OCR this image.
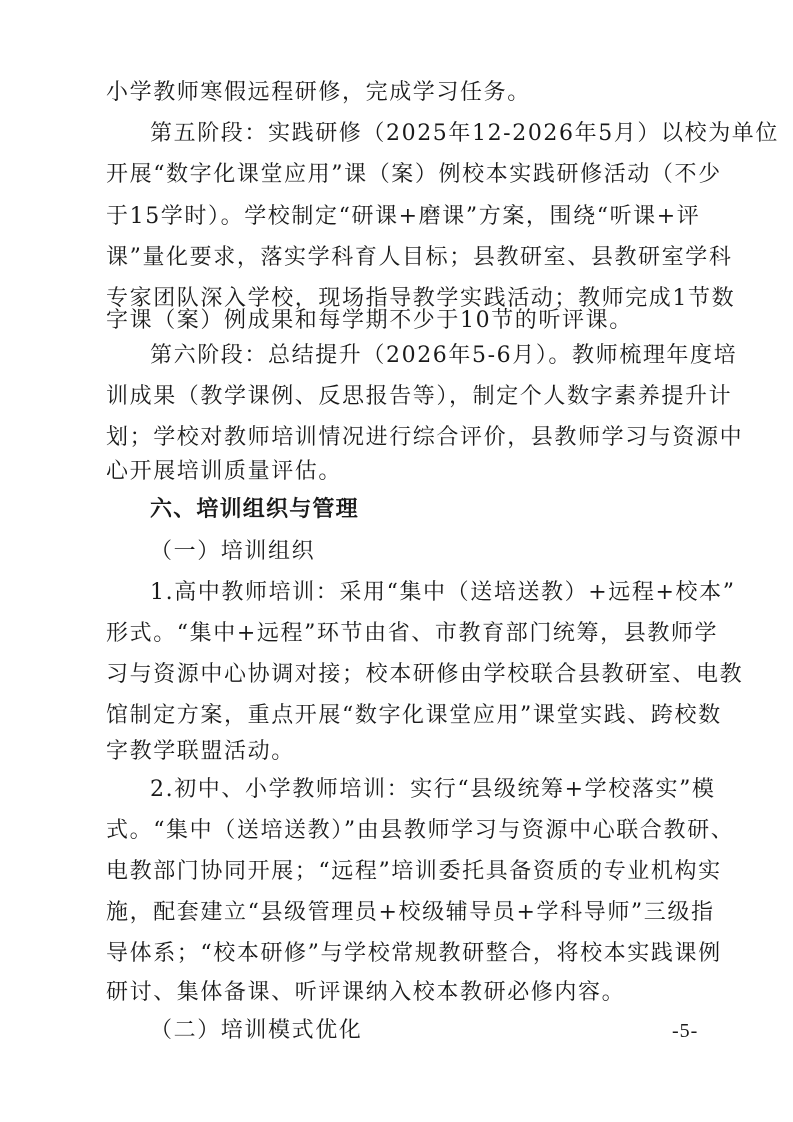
小学教师寒假远程研修，完成学习任务。
第五阶段：实践研修（2025年12-2026年5月）以校为单位
开展“数字化课堂应用”课（案）例校本实践研修活动（不少
于15学时）。学校制定“研课+磨课”方案，围绕“听课+评
课”量化要求，落实学科育人目标；县教研室、县教研室学科
专家团队深入学校，现场指导教学实践活动；教师完成1节数
字课（案）例成果和每学期不少于10节的听评课。
第六阶段：总结提升（2026年5-6月）。教师梳理年度培
训成果（教学课例、反思报告等），制定个人数字素养提升计
划；学校对教师培训情况进行综合评价，县教师学习与资源中
心开展培训质量评估。
六、培训组织与管理
（一）培训组织
1.高中教师培训：采用“集中（送培送教）+远程+校本”
形式。“集中+远程”环节由省、市教育部门统筹，县教师学
习与资源中心协调对接；校本研修由学校联合县教研室、电教
馆制定方案，重点开展“数字化课堂应用”课堂实践、跨校数
字教学联盟活动。
2.初中、小学教师培训：实行“县级统筹+学校落实”模
式。“集中（送培送教）”由县教师学习与资源中心联合教研、
电教部门协同开展；“远程”培训委托具备资质的专业机构实
施，配套建立“县级管理员+校级辅导员+学科导师”三级指
导体系；“校本研修”与学校常规教研整合，将校本实践课例
研讨、集体备课、听评课纳入校本教研必修内容。
（二）培训模式优化	-5-
